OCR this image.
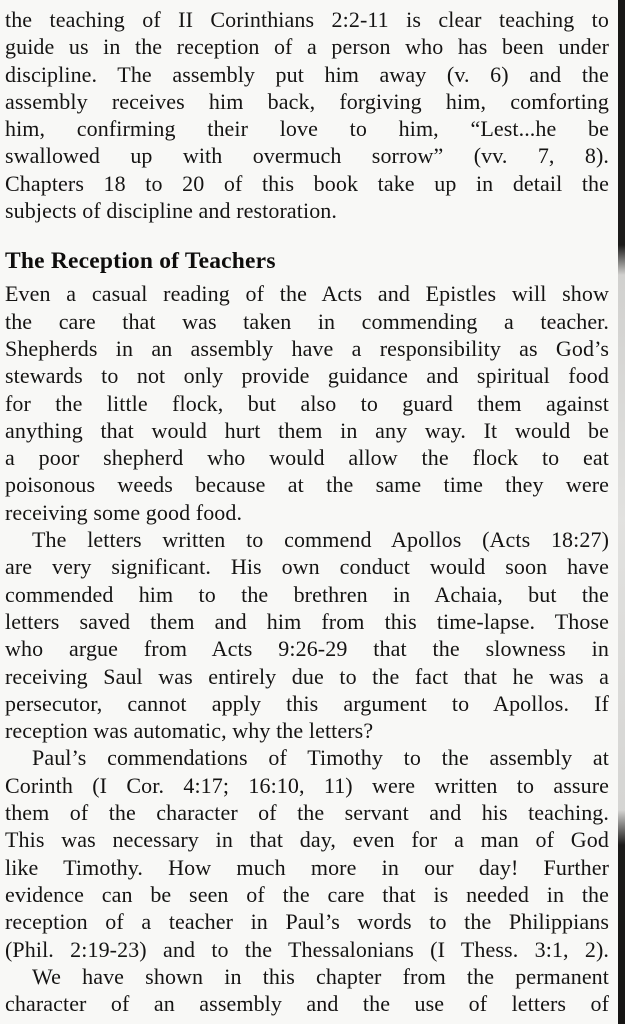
the teaching of II Corinthians 2:2-11 is clear teaching to
guide us in the reception of a person who has been under
discipline. The assembly put him away (v. 6) and the
assembly receives him back, forgiving him, comforting
him, confirming their love to him, “Lest...he be
swallowed up with overmuch sorrow” (vv. 7, 8).
Chapters 18 to 20 of this book take up in detail the
subjects of discipline and restoration.

The Reception of Teachers

Even a casual reading of the Acts and Epistles will show
the care that was taken in commending a teacher.
Shepherds in an assembly have a responsibility as God’s
stewards to not only provide guidance and spiritual food
for the little flock, but also to guard them against
anything that would hurt them in any way. It would be
a poor shepherd who would allow the flock to eat
poisonous weeds because at the same time they were
receiving some good food.

The letters written to commend Apollos (Acts 18:27)
are very significant. His own conduct would soon have
commended him to the brethren in Achaia, but the
letters saved them and him from this time-lapse. Those
who argue from Acts 9:26-29 that the slowness in
receiving Saul was entirely due to the fact that he was a
persecutor, cannot apply this argument to Apollos. If
reception was automatic, why the letters?

Paul’s commendations of Timothy to the assembly at
Corinth (I Cor. 4:17; 16:10, 11) were written to assure
them of the character of the servant and his teaching.
This was necessary in that day, even for a man of God
like Timothy. How much more in our day! Further
evidence can be seen of the care that is needed in the
reception of a teacher in Paul’s words to the Philippians
(Phil. 2:19-23) and to the Thessalonians (I Thess. 3:1, 2).

We have shown in this chapter from the permanent
character of an assembly and the use of letters of
